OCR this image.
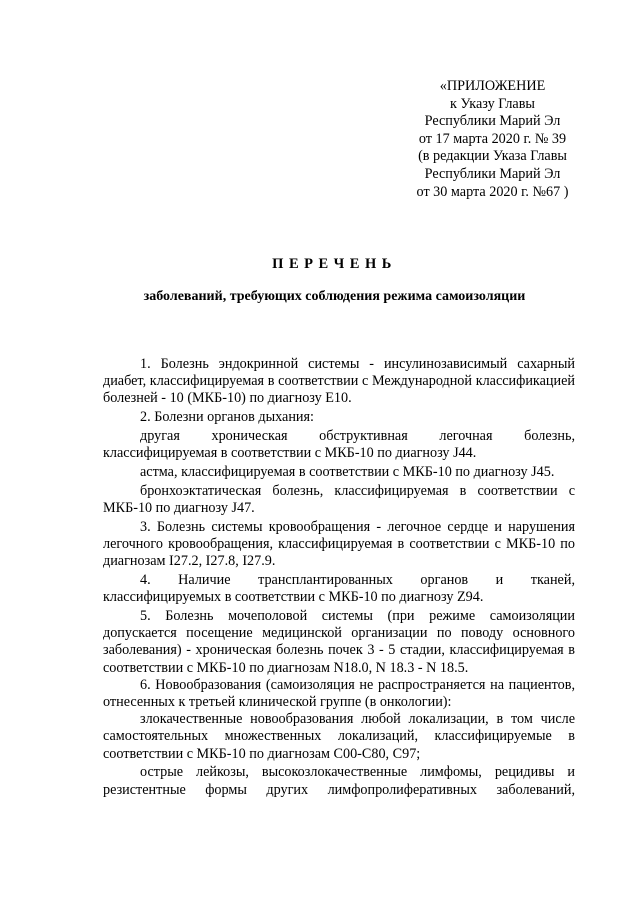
«ПРИЛОЖЕНИЕ
к Указу Главы
Республики Марий Эл
от 17 марта 2020 г. № 39
(в редакции Указа Главы
Республики Марий Эл
от 30 марта 2020 г. №67 )
ПЕРЕЧЕНЬ
заболеваний, требующих соблюдения режима самоизоляции

1. Болезнь эндокринной системы - инсулинозависимый сахарный диабет, классифицируемая в соответствии с Международной классификацией болезней - 10 (МКБ-10) по диагнозу Е10.

2. Болезни органов дыхания:

другая хроническая обструктивная легочная болезнь, классифицируемая в соответствии с МКБ-10 по диагнозу J44.

астма, классифицируемая в соответствии с МКБ-10 по диагнозу J45.

бронхоэктатическая болезнь, классифицируемая в соответствии с МКБ-10 по диагнозу J47.

3. Болезнь системы кровообращения - легочное сердце и нарушения легочного кровообращения, классифицируемая в соответствии с МКБ-10 по диагнозам I27.2, I27.8, I27.9.

4. Наличие трансплантированных органов и тканей, классифицируемых в соответствии с МКБ-10 по диагнозу Z94.

5. Болезнь мочеполовой системы (при режиме самоизоляции допускается посещение медицинской организации по поводу основного заболевания) - хроническая болезнь почек 3 - 5 стадии, классифицируемая в соответствии с МКБ-10 по диагнозам N18.0, N 18.3 - N 18.5.

6. Новообразования (самоизоляция не распространяется на пациентов, отнесенных к третьей клинической группе (в онкологии):

злокачественные новообразования любой локализации, в том числе самостоятельных множественных локализаций, классифицируемые в соответствии с МКБ-10 по диагнозам С00-С80, С97;

острые лейкозы, высокозлокачественные лимфомы, рецидивы и резистентные формы других лимфопролиферативных заболеваний,
